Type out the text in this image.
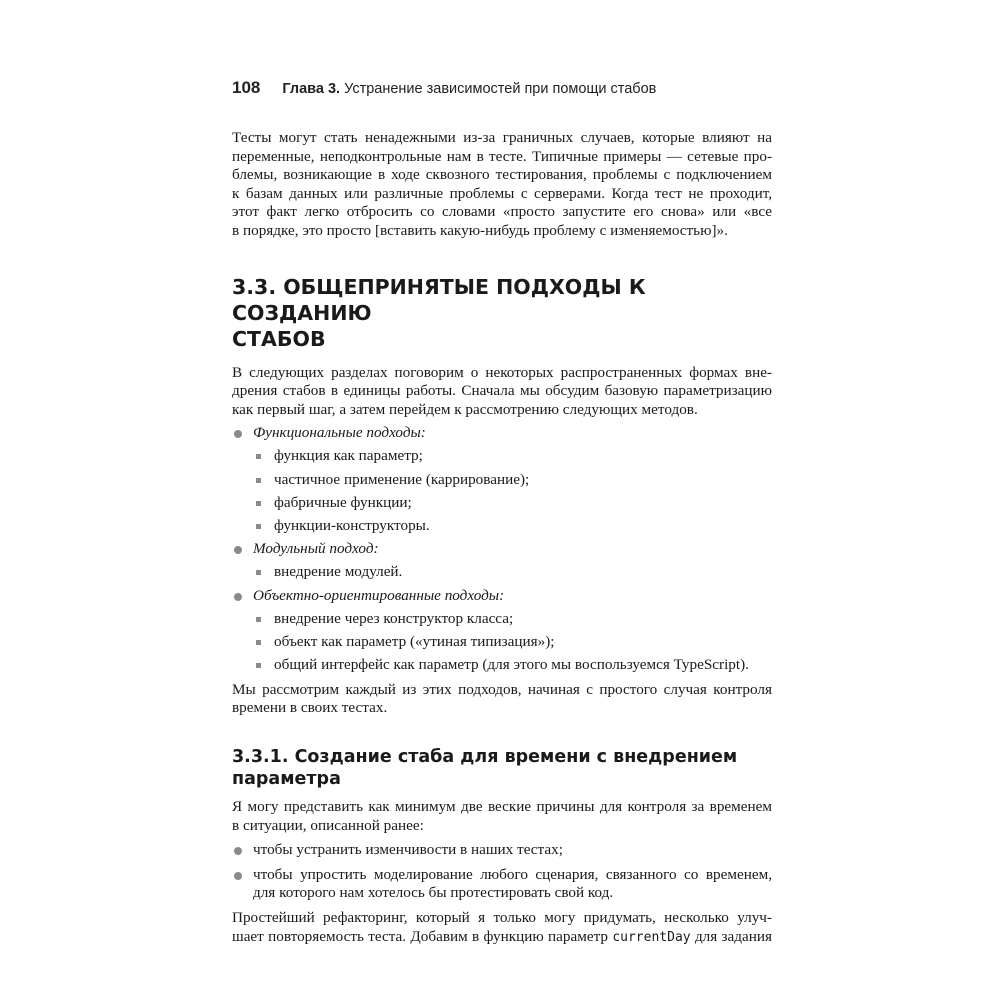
108 Глава 3. Устранение зависимостей при помощи стабов

Тесты могут стать ненадежными из-за граничных случаев, которые влияют на
переменные, неподконтрольные нам в тесте. Типичные примеры — сетевые про-
блемы, возникающие в ходе сквозного тестирования, проблемы с подключением
к базам данных или различные проблемы с серверами. Когда тест не проходит,
этот факт легко отбросить со словами «просто запустите его снова» или «все
в порядке, это просто [вставить какую-нибудь проблему с изменяемостью]».

3.3. ОБЩЕПРИНЯТЫЕ ПОДХОДЫ К СОЗДАНИЮ
СТАБОВ

В следующих разделах поговорим о некоторых распространенных формах вне-
дрения стабов в единицы работы. Сначала мы обсудим базовую параметризацию
как первый шаг, а затем перейдем к рассмотрению следующих методов.

Функциональные подходы:
функция как параметр;
частичное применение (каррирование);
фабричные функции;
функции-конструкторы.
Модульный подход:
внедрение модулей.
Объектно-ориентированные подходы:
внедрение через конструктор класса;
объект как параметр («утиная типизация»);
общий интерфейс как параметр (для этого мы воспользуемся TypeScript).

Мы рассмотрим каждый из этих подходов, начиная с простого случая контроля
времени в своих тестах.

3.3.1. Создание стаба для времени с внедрением
параметра

Я могу представить как минимум две веские причины для контроля за временем
в ситуации, описанной ранее:

чтобы устранить изменчивости в наших тестах;
чтобы упростить моделирование любого сценария, связанного со временем,
для которого нам хотелось бы протестировать свой код.

Простейший рефакторинг, который я только могу придумать, несколько улуч-
шает повторяемость теста. Добавим в функцию параметр currentDay для задания
